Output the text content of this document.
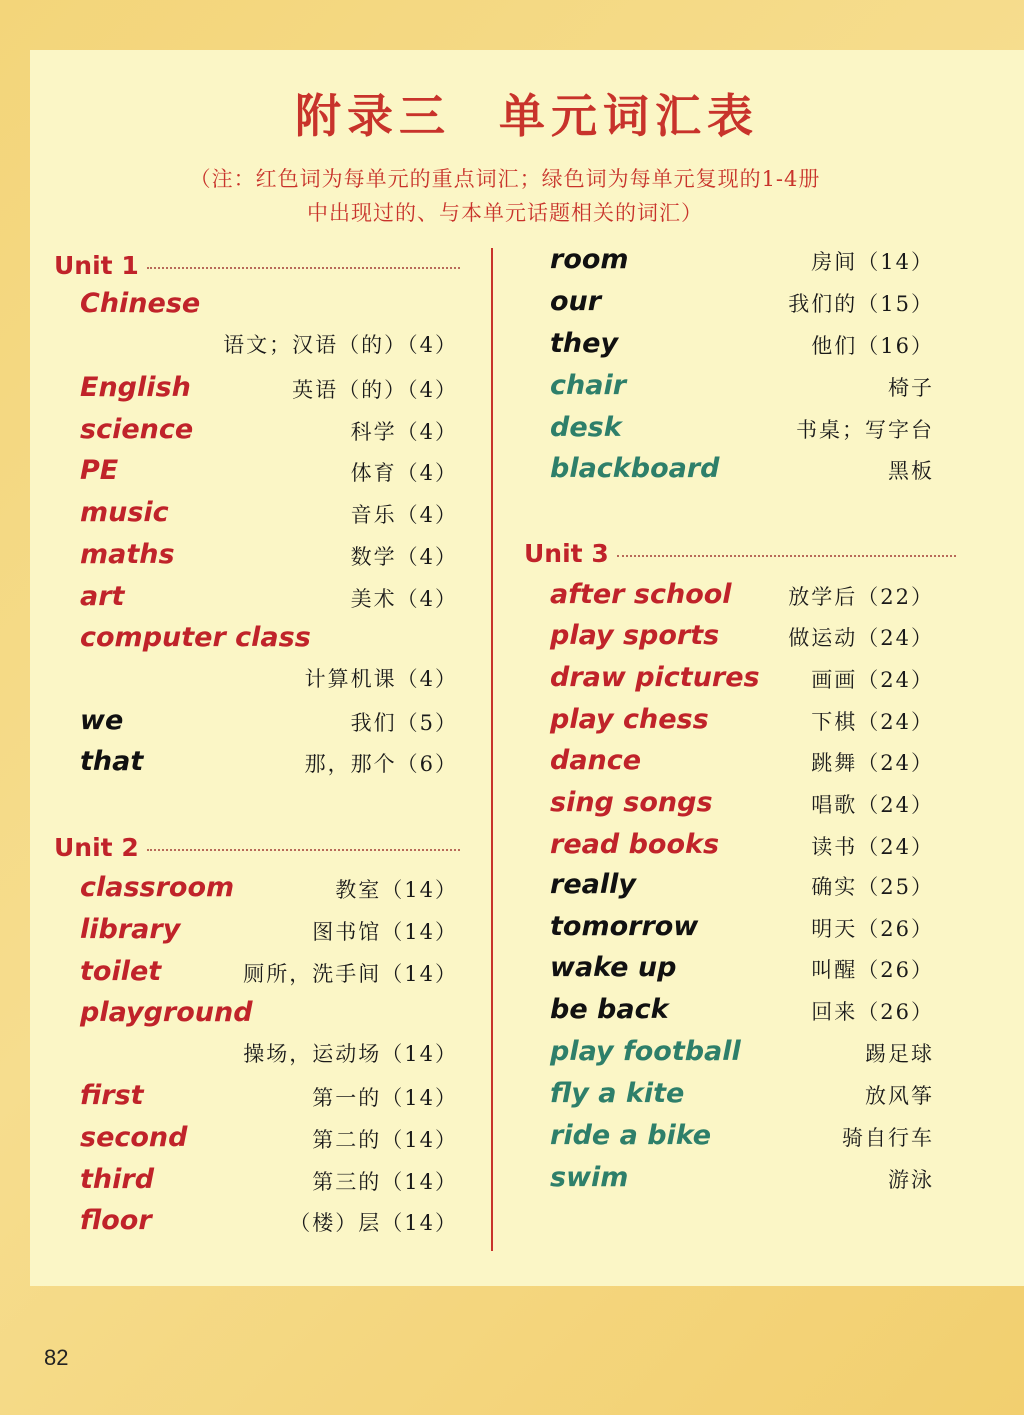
附录三 单元词汇表
（注：红色词为每单元的重点词汇；绿色词为每单元复现的1-4册
中出现过的、与本单元话题相关的词汇）
Unit 1
Chinese
语文；汉语（的）（4）
English	英语（的）（4）
science	科学（4）
PE	体育（4）
music	音乐（4）
maths	数学（4）
art	美术（4）
computer class
计算机课（4）
we	我们（5）
that	那，那个（6）
Unit 2
classroom	教室（14）
library	图书馆（14）
toilet	厕所，洗手间（14）
playground
操场，运动场（14）
first	第一的（14）
second	第二的（14）
third	第三的（14）
floor	（楼）层（14）
room	房间（14）
our	我们的（15）
they	他们（16）
chair	椅子
desk	书桌；写字台
blackboard	黑板
Unit 3
after school	放学后（22）
play sports	做运动（24）
draw pictures 画画（24）
play chess	下棋（24）
dance	跳舞（24）
sing songs	唱歌（24）
read books	读书（24）
really	确实（25）
tomorrow	明天（26）
wake up	叫醒（26）
be back	回来（26）
play football	踢足球
fly a kite	放风筝
ride a bike	骑自行车
swim	游泳
82
